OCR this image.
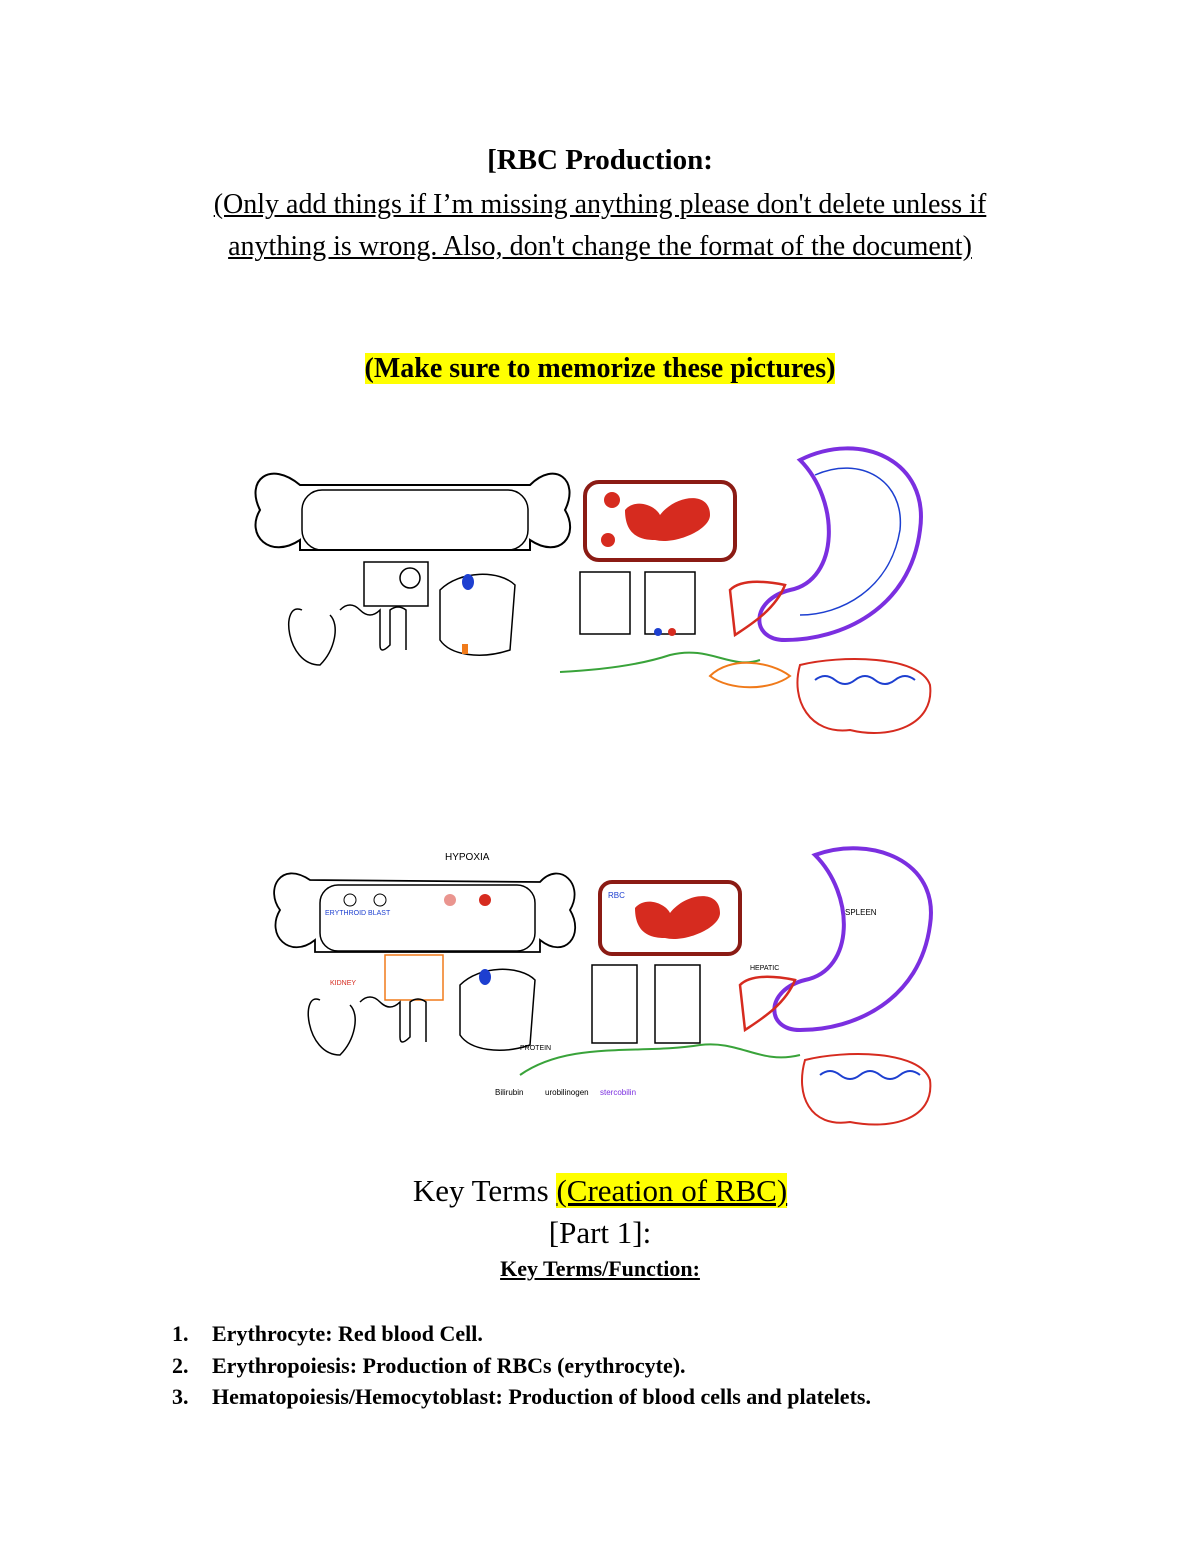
[RBC Production:
(Only add things if I’m missing anything please don't delete unless if
anything is wrong. Also, don't change the format of the document)
(Make sure to memorize these pictures)
HYPOXIA
ERYTHROID BLAST
RBC
Bilirubin	urobilinogen stercobilin
SPLEEN
HEPATIC
KIDNEY
PROTEIN
Key Terms (Creation of RBC)
[Part 1]:
Key Terms/Function:
1.	Erythrocyte: Red blood Cell.
2.	Erythropoiesis: Production of RBCs (erythrocyte).
3.	Hematopoiesis/Hemocytoblast: Production of blood cells and platelets.
